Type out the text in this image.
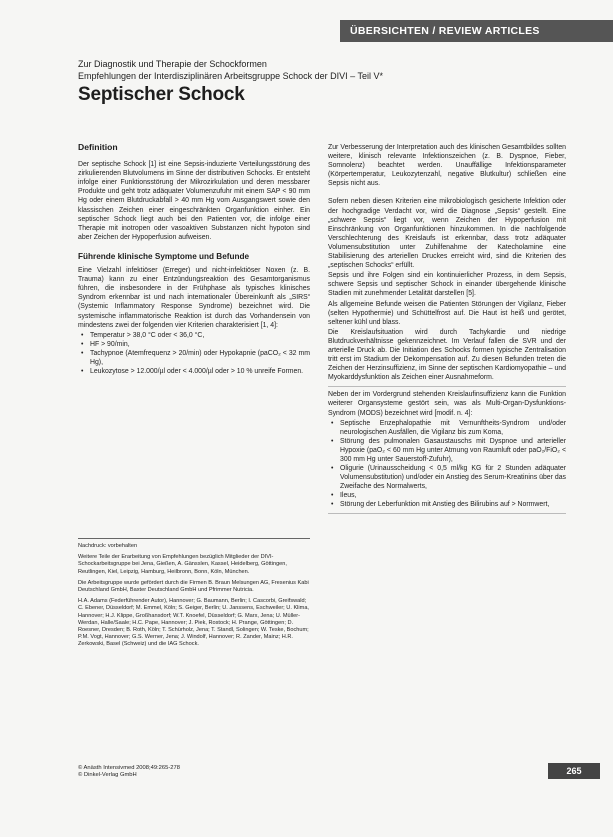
ÜBERSICHTEN / REVIEW ARTICLES

Zur Diagnostik und Therapie der Schockformen

Empfehlungen der Interdisziplinären Arbeitsgruppe Schock der DIVI – Teil V*

Septischer Schock
Definition

Der septische Schock [1] ist eine Sepsis-induzierte Verteilungsstörung des zirkulierenden Blutvolumens im Sinne der distributiven Schocks. Er entsteht infolge einer Funktionsstörung der Mikrozirkulation und deren messbarer Produkte und geht trotz adäquater Volumenzufuhr mit einem SAP < 90 mm Hg oder einem Blutdruckabfall > 40 mm Hg vom Ausgangswert sowie den klassischen Zeichen einer eingeschränkten Organfunktion einher. Ein septischer Schock liegt auch bei den Patienten vor, die infolge einer Therapie mit inotropen oder vasoaktiven Substanzen nicht hypoton sind aber Zeichen der Hypoperfusion aufweisen.

Führende klinische Symptome und Befunde

Eine Vielzahl infektiöser (Erreger) und nicht-infektiöser Noxen (z. B. Trauma) kann zu einer Entzündungsreaktion des Gesamtorganismus führen, die insbesondere in der Frühphase als typisches klinisches Syndrom erkennbar ist und nach internationaler Übereinkunft als „SIRS“ (Systemic Inflammatory Response Syndrome) bezeichnet wird. Die systemische inflammatorische Reaktion ist durch das Vorhandensein von mindestens zwei der folgenden vier Kriterien charakterisiert [1, 4]:

• Temperatur > 38,0 °C oder < 36,0 °C,
• HF > 90/min,
• Tachypnoe (Atemfrequenz > 20/min) oder Hypokapnie (paCO₂ < 32 mm Hg),
• Leukozytose > 12.000/µl oder < 4.000/µl oder > 10 % unreife Formen.

Nachdruck: vorbehalten

Weitere Teile der Erarbeitung von Empfehlungen bezüglich Mitglieder der DIVI-Schockarbeitsgruppe bei Jena, Gießen, A. Gänsslen, Kassel, Heidelberg, Göttingen, Reutlingen, Kiel, Leipzig, Hamburg, Heilbronn, Bonn, Köln, München.

Die Arbeitsgruppe wurde gefördert durch die Firmen B. Braun Melsungen AG, Fresenius Kabi Deutschland GmbH, Baxter Deutschland GmbH und Pfrimmer Nutricia.

H.A. Adams (Federführender Autor), Hannover; G. Baumann, Berlin; I. Cascorbi, Greifswald; C. Ebener, Düsseldorf; M. Emmel, Köln; S. Geiger, Berlin; U. Janssens, Eschweiler; U. Klima, Hannover; H.J. Klippe, Großhansdorf; W.T. Knoefel, Düsseldorf; G. Marx, Jena; U. Müller-Werdan, Halle/Saale; H.C. Pape, Hannover; J. Piek, Rostock; H. Prange, Göttingen; D. Roesner, Dresden; B. Roth, Köln; T. Schürholz, Jena; T. Standl, Solingen; W. Teske, Bochum; P.M. Vogt, Hannover; G.S. Werner, Jena; J. Windolf, Hannover; R. Zander, Mainz; H.R. Zerkowski, Basel (Schweiz) und die IAG Schock.

Zur Verbesserung der Interpretation auch des klinischen Gesamtbildes sollten weitere, klinisch relevante Infektionszeichen (z. B. Dyspnoe, Fieber, Somnolenz) beachtet werden. Unauffällige Infektionsparameter (Körpertemperatur, Leukozytenzahl, negative Blutkultur) schließen eine Sepsis nicht aus.

Sofern neben diesen Kriterien eine mikrobiologisch gesicherte Infektion oder der hochgradige Verdacht vor, wird die Diagnose „Sepsis“ gestellt. Eine „schwere Sepsis“ liegt vor, wenn Zeichen der Hypoperfusion mit Einschränkung von Organfunktionen hinzukommen. In die nachfolgende Verschlechterung des Kreislaufs ist erkennbar, dass trotz adäquater Volumensubstitution unter Zuhilfenahme der Katecholamine eine Stabilisierung des arteriellen Druckes erreicht wird, sind die Kriterien des „septischen Schocks“ erfüllt.

Sepsis und ihre Folgen sind ein kontinuierlicher Prozess, in dem Sepsis, schwere Sepsis und septischer Schock in einander übergehende klinische Stadien mit zunehmender Letalität darstellen [5].

Als allgemeine Befunde weisen die Patienten Störungen der Vigilanz, Fieber (selten Hypothermie) und Schüttelfrost auf. Die Haut ist heiß und gerötet, seltener kühl und blass.

Die Kreislaufsituation wird durch Tachykardie und niedrige Blutdruckverhältnisse gekennzeichnet. Im Verlauf fallen die SVR und der arterielle Druck ab. Die Initiation des Schocks formen typische Zentralisation tritt erst im Stadium der Dekompensation auf. Zu diesen Befunden treten die Zeichen der Herzinsuffizienz, im Sinne der septischen Kardiomyopathie – und Myokarddysfunktion als Zeichen einer Ausnahmeform.

Neben der im Vordergrund stehenden Kreislaufinsuffizienz kann die Funktion weiterer Organsysteme gestört sein, was als Multi-Organ-Dysfunktions-Syndrom (MODS) bezeichnet wird [modif. n. 4]:

• Septische Enzephalopathie mit Vernunftheits-Syndrom und/oder neurologischen Ausfällen, die Vigilanz bis zum Koma,
• Störung des pulmonalen Gasaustauschs mit Dyspnoe und arterieller Hypoxie (paO₂ < 60 mm Hg unter Atmung von Raumluft oder paO₂/FiO₂ < 300 mm Hg unter Sauerstoff-Zufuhr),
• Oligurie (Urinausscheidung < 0,5 ml/kg KG für 2 Stunden adäquater Volumensubstitution) und/oder ein Anstieg des Serum-Kreatinins über das Zweifache des Normalwerts,
• Ileus,
• Störung der Leberfunktion mit Anstieg des Bilirubins auf > Normwert,
© Anästh Intensivmed 2008;49:265-278
© Dinkel-Verlag GmbH	265
